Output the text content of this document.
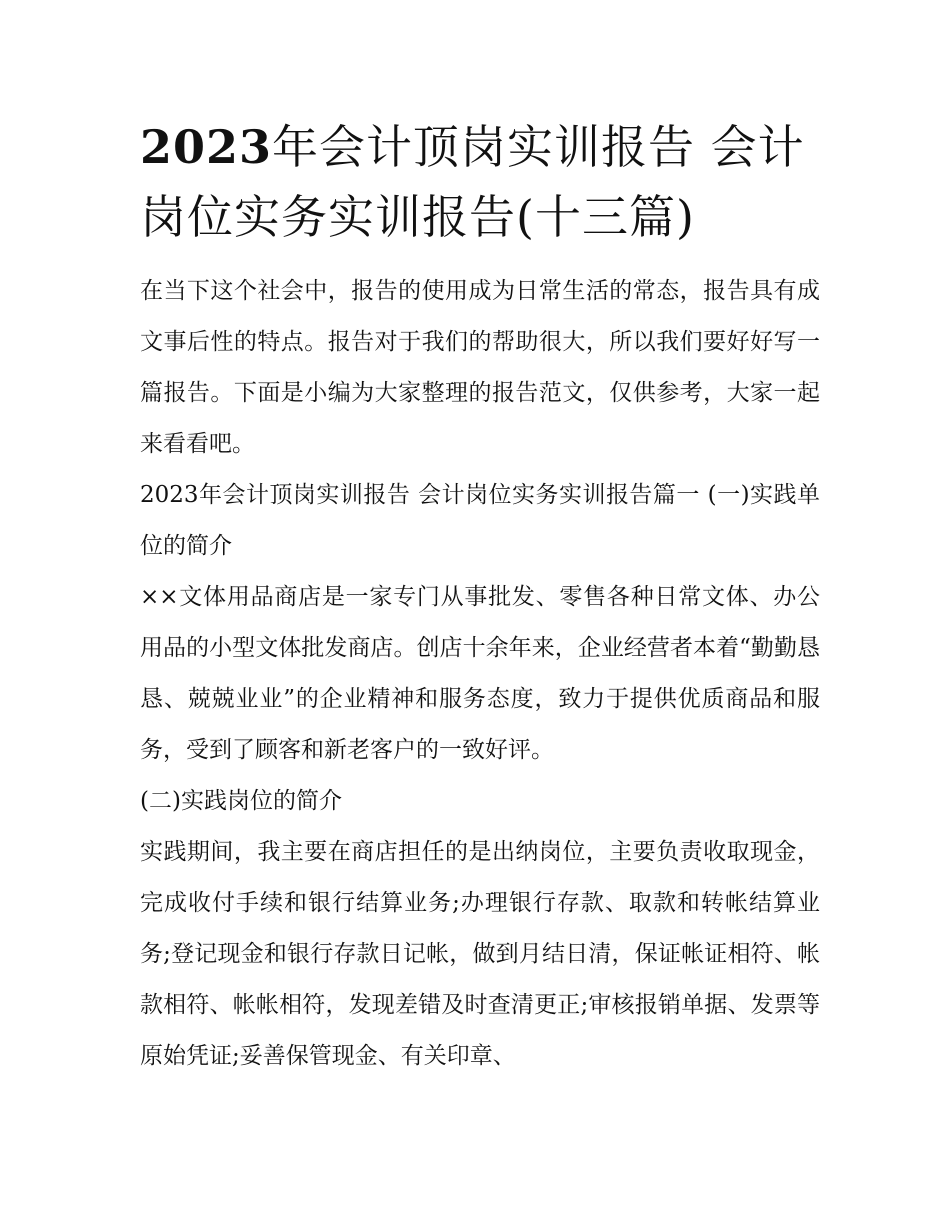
2023年会计顶岗实训报告 会计岗位实务实训报告(十三篇)

在当下这个社会中，报告的使用成为日常生活的常态，报告具有成文事后性的特点。报告对于我们的帮助很大，所以我们要好好写一篇报告。下面是小编为大家整理的报告范文，仅供参考，大家一起来看看吧。

2023年会计顶岗实训报告 会计岗位实务实训报告篇一 (一)实践单位的简介

××文体用品商店是一家专门从事批发、零售各种日常文体、办公用品的小型文体批发商店。创店十余年来，企业经营者本着“勤勤恳恳、兢兢业业”的企业精神和服务态度，致力于提供优质商品和服务，受到了顾客和新老客户的一致好评。

(二)实践岗位的简介

实践期间，我主要在商店担任的是出纳岗位，主要负责收取现金，完成收付手续和银行结算业务;办理银行存款、取款和转帐结算业务;登记现金和银行存款日记帐，做到月结日清，保证帐证相符、帐款相符、帐帐相符，发现差错及时查清更正;审核报销单据、发票等原始凭证;妥善保管现金、有关印章、
